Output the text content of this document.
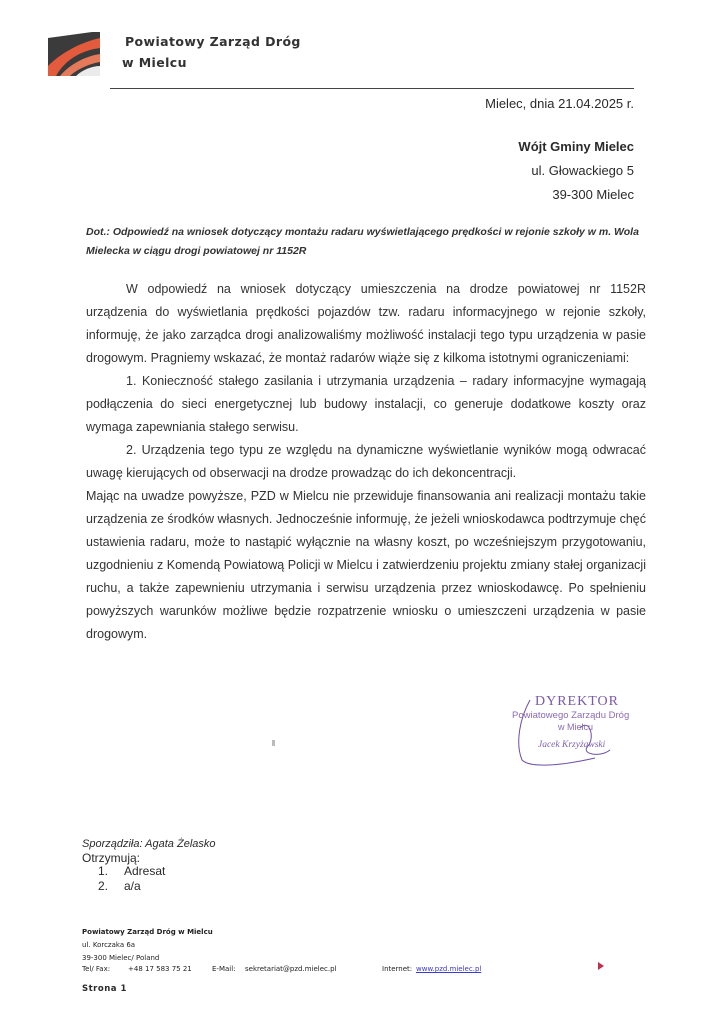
Powiatowy Zarząd Dróg
w Mielcu
Mielec, dnia 21.04.2025 r.
Wójt Gminy Mielec
ul. Głowackiego 5
39-300 Mielec
Dot.: Odpowiedź na wniosek dotyczący montażu radaru wyświetlającego prędkości w rejonie szkoły w m. Wola Mielecka w ciągu drogi powiatowej nr 1152R

W odpowiedź na wniosek dotyczący umieszczenia na drodze powiatowej nr 1152R urządzenia do wyświetlania prędkości pojazdów tzw. radaru informacyjnego w rejonie szkoły, informuję, że jako zarządca drogi analizowaliśmy możliwość instalacji tego typu urządzenia w pasie drogowym. Pragniemy wskazać, że montaż radarów wiąże się z kilkoma istotnymi ograniczeniami:

1. Konieczność stałego zasilania i utrzymania urządzenia – radary informacyjne wymagają podłączenia do sieci energetycznej lub budowy instalacji, co generuje dodatkowe koszty oraz wymaga zapewniania stałego serwisu.

2. Urządzenia tego typu ze względu na dynamiczne wyświetlanie wyników mogą odwracać uwagę kierujących od obserwacji na drodze prowadząc do ich dekoncentracji.

Mając na uwadze powyższe, PZD w Mielcu nie przewiduje finansowania ani realizacji montażu takie urządzenia ze środków własnych. Jednocześnie informuję, że jeżeli wnioskodawca podtrzymuje chęć ustawienia radaru, może to nastąpić wyłącznie na własny koszt, po wcześniejszym przygotowaniu, uzgodnieniu z Komendą Powiatową Policji w Mielcu i zatwierdzeniu projektu zmiany stałej organizacji ruchu, a także zapewnieniu utrzymania i serwisu urządzenia przez wnioskodawcę. Po spełnieniu powyższych warunków możliwe będzie rozpatrzenie wniosku o umieszczeni urządzenia w pasie drogowym.

DYREKTOR
Powiatowego Zarządu Dróg
w Mielcu
Jacek Krzyżawski
Sporządziła: Agata Żelasko
Otrzymują:
1. Adresat
2. a/a
Powiatowy Zarząd Dróg w Mielcu
ul. Korczaka 6a
39-300 Mielec/ Poland
Tel/ Fax:	+48 17 583 75 21	E-Mail: sekretariat@pzd.mielec.pl	Internet: www.pzd.mielec.pl
Strona 1
